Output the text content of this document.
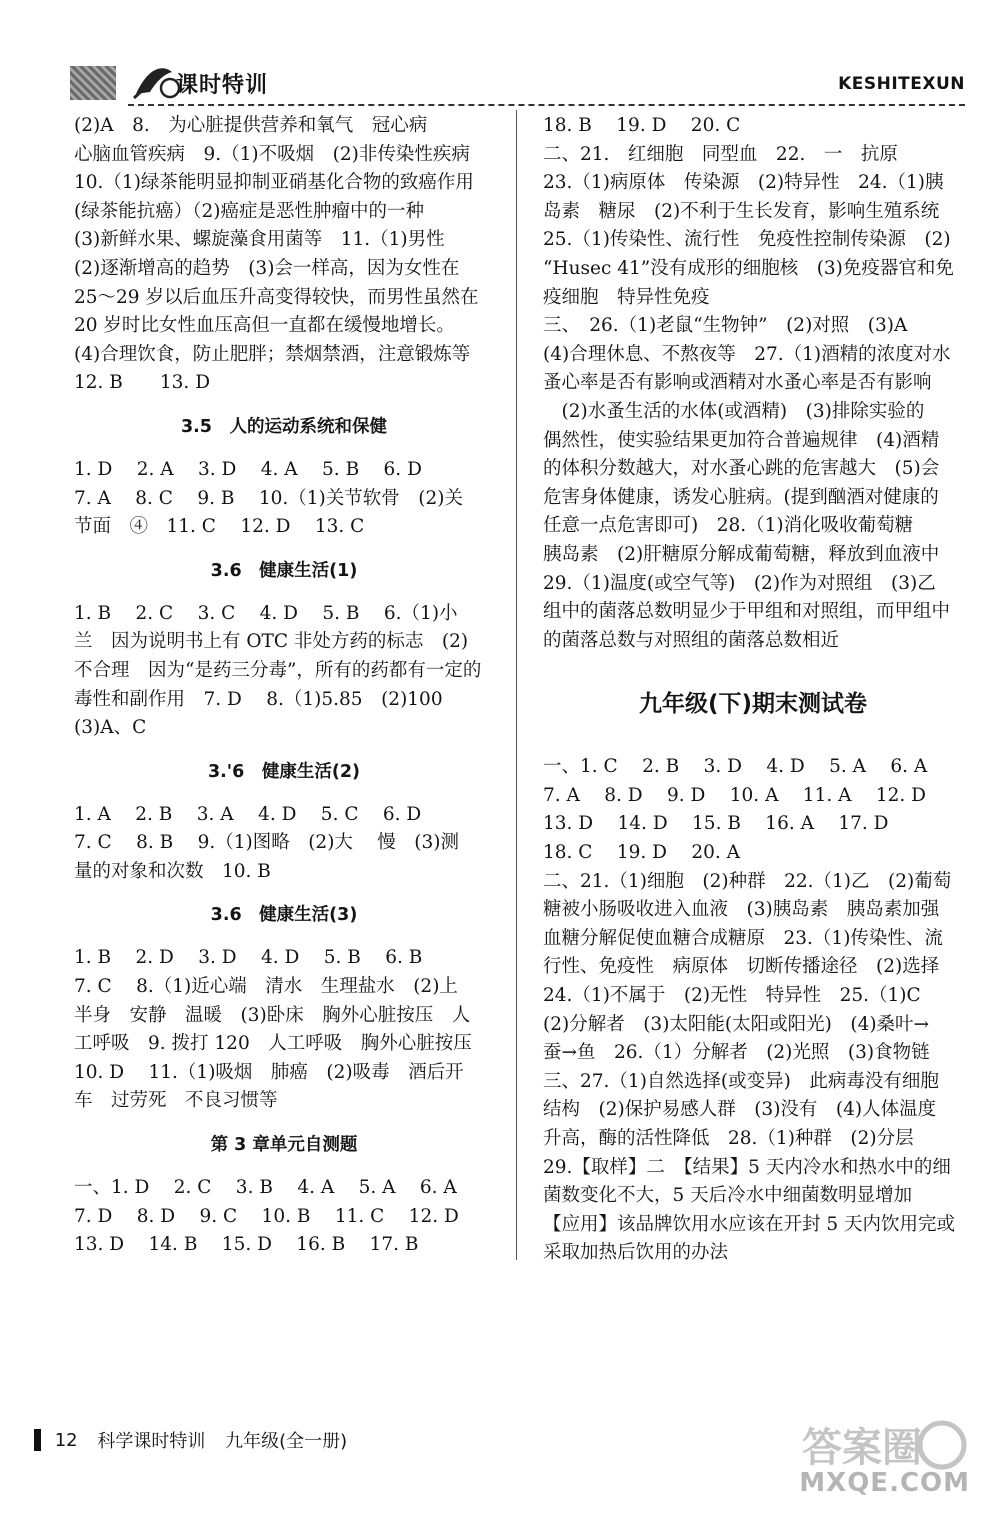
课时特训	KESHITEXUN
(2)A　8.　为心脏提供营养和氧气　冠心病
心脑血管疾病　9.（1)不吸烟　(2)非传染性疾病
10.（1)绿茶能明显抑制亚硝基化合物的致癌作用
(绿茶能抗癌）（2)癌症是恶性肿瘤中的一种
(3)新鲜水果、螺旋藻食用菌等　11.（1)男性
(2)逐渐增高的趋势　(3)会一样高，因为女性在
25～29 岁以后血压升高变得较快，而男性虽然在
20 岁时比女性血压高但一直都在缓慢地增长。
(4)合理饮食，防止肥胖；禁烟禁酒，注意锻炼等
12. B　　13. D
3.5　人的运动系统和保健
1. D　 2. A　 3. D　 4. A　 5. B　 6. D
7. A　 8. C　 9. B　 10.（1)关节软骨　(2)关
节面　④　11. C　 12. D　 13. C
3.6　健康生活(1)
1. B　 2. C　 3. C　 4. D　 5. B　 6.（1)小
兰　因为说明书上有 OTC 非处方药的标志　(2)
不合理　因为“是药三分毒”，所有的药都有一定的
毒性和副作用　7. D　 8.（1)5.85　(2)100
(3)A、C
3.'6　健康生活(2)
1. A　 2. B　 3. A　 4. D　 5. C　 6. D
7. C　 8. B　 9.（1)图略　(2)大　 慢　(3)测
量的对象和次数　10. B
3.6　健康生活(3)
1. B　 2. D　 3. D　 4. D　 5. B　 6. B
7. C　 8.（1)近心端　清水　生理盐水　(2)上
半身　安静　温暖　(3)卧床　胸外心脏按压　人
工呼吸　9. 拨打 120　人工呼吸　胸外心脏按压
10. D　 11.（1)吸烟　肺癌　(2)吸毒　酒后开
车　过劳死　不良习惯等
第 3 章单元自测题
一、1. D　 2. C　 3. B　 4. A　 5. A　 6. A
7. D　 8. D　 9. C　 10. B　 11. C　 12. D
13. D　 14. B　 15. D　 16. B　 17. B
18. B　 19. D　 20. C
二、21.　红细胞　同型血　22.　一　抗原
23.（1)病原体　传染源　(2)特异性　24.（1)胰
岛素　糖尿　(2)不利于生长发育，影响生殖系统
25.（1)传染性、流行性　免疫性控制传染源　(2)
“Husec 41”没有成形的细胞核　(3)免疫器官和免
疫细胞　特异性免疫
三、　26.（1)老鼠“生物钟”　(2)对照　(3)A
(4)合理休息、不熬夜等　27.（1)酒精的浓度对水
蚤心率是否有影响或酒精对水蚤心率是否有影响
　(2)水蚤生活的水体(或酒精)　(3)排除实验的
偶然性，使实验结果更加符合普遍规律　(4)酒精
的体积分数越大，对水蚤心跳的危害越大　(5)会
危害身体健康，诱发心脏病。(提到酗酒对健康的
任意一点危害即可)　28.（1)消化吸收葡萄糖
胰岛素　(2)肝糖原分解成葡萄糖，释放到血液中
29.（1)温度(或空气等)　(2)作为对照组　(3)乙
组中的菌落总数明显少于甲组和对照组，而甲组中
的菌落总数与对照组的菌落总数相近
九年级(下)期末测试卷
一、1. C　 2. B　 3. D　 4. D　 5. A　 6. A
7. A　 8. D　 9. D　 10. A　 11. A　 12. D
13. D　 14. D　 15. B　 16. A　 17. D
18. C　 19. D　 20. A
二、21.（1)细胞　(2)种群　22.（1)乙　(2)葡萄
糖被小肠吸收进入血液　(3)胰岛素　胰岛素加强
血糖分解促使血糖合成糖原　23.（1)传染性、流
行性、免疫性　病原体　切断传播途径　(2)选择
24.（1)不属于　(2)无性　特异性　25.（1)C
(2)分解者　(3)太阳能(太阳或阳光)　(4)桑叶→
蚕→鱼　26.（1）分解者　(2)光照　(3)食物链
三、27.（1)自然选择(或变异)　此病毒没有细胞
结构　(2)保护易感人群　(3)没有　(4)人体温度
升高，酶的活性降低　28.（1)种群　(2)分层
29.【取样】二　【结果】5 天内冷水和热水中的细
菌数变化不大，5 天后冷水中细菌数明显增加
【应用】该品牌饮用水应该在开封 5 天内饮用完或
采取加热后饮用的办法
12 科学课时特训 九年级(全一册)	答案圈
MXQE.COM
